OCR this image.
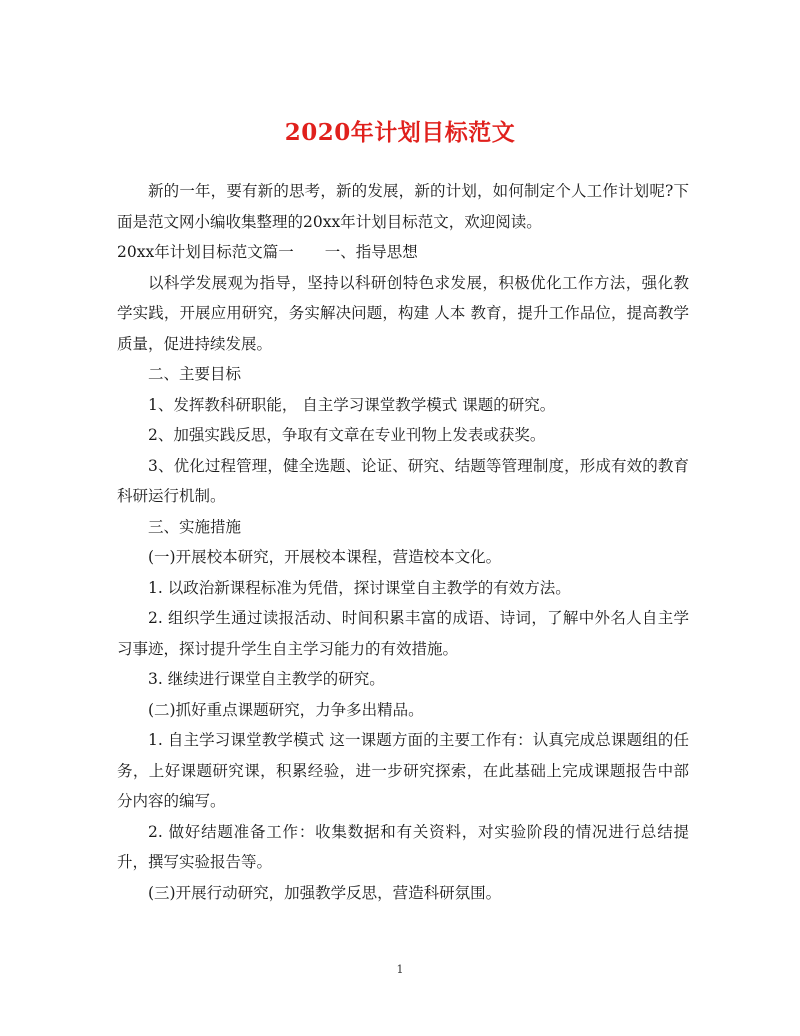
2020年计划目标范文

新的一年，要有新的思考，新的发展，新的计划，如何制定个人工作计划呢?下面是范文网小编收集整理的20xx年计划目标范文，欢迎阅读。

20xx年计划目标范文篇一　　一、指导思想

以科学发展观为指导，坚持以科研创特色求发展，积极优化工作方法，强化教学实践，开展应用研究，务实解决问题，构建 人本 教育，提升工作品位，提高教学质量，促进持续发展。

二、主要目标

1、发挥教科研职能， 自主学习课堂教学模式 课题的研究。

2、加强实践反思，争取有文章在专业刊物上发表或获奖。

3、优化过程管理，健全选题、论证、研究、结题等管理制度，形成有效的教育科研运行机制。

三、实施措施

(一)开展校本研究，开展校本课程，营造校本文化。

1. 以政治新课程标准为凭借，探讨课堂自主教学的有效方法。

2. 组织学生通过读报活动、时间积累丰富的成语、诗词，了解中外名人自主学习事迹，探讨提升学生自主学习能力的有效措施。

3. 继续进行课堂自主教学的研究。

(二)抓好重点课题研究，力争多出精品。

1. 自主学习课堂教学模式 这一课题方面的主要工作有：认真完成总课题组的任务，上好课题研究课，积累经验，进一步研究探索，在此基础上完成课题报告中部分内容的编写。

2. 做好结题准备工作：收集数据和有关资料，对实验阶段的情况进行总结提升，撰写实验报告等。

(三)开展行动研究，加强教学反思，营造科研氛围。

1
